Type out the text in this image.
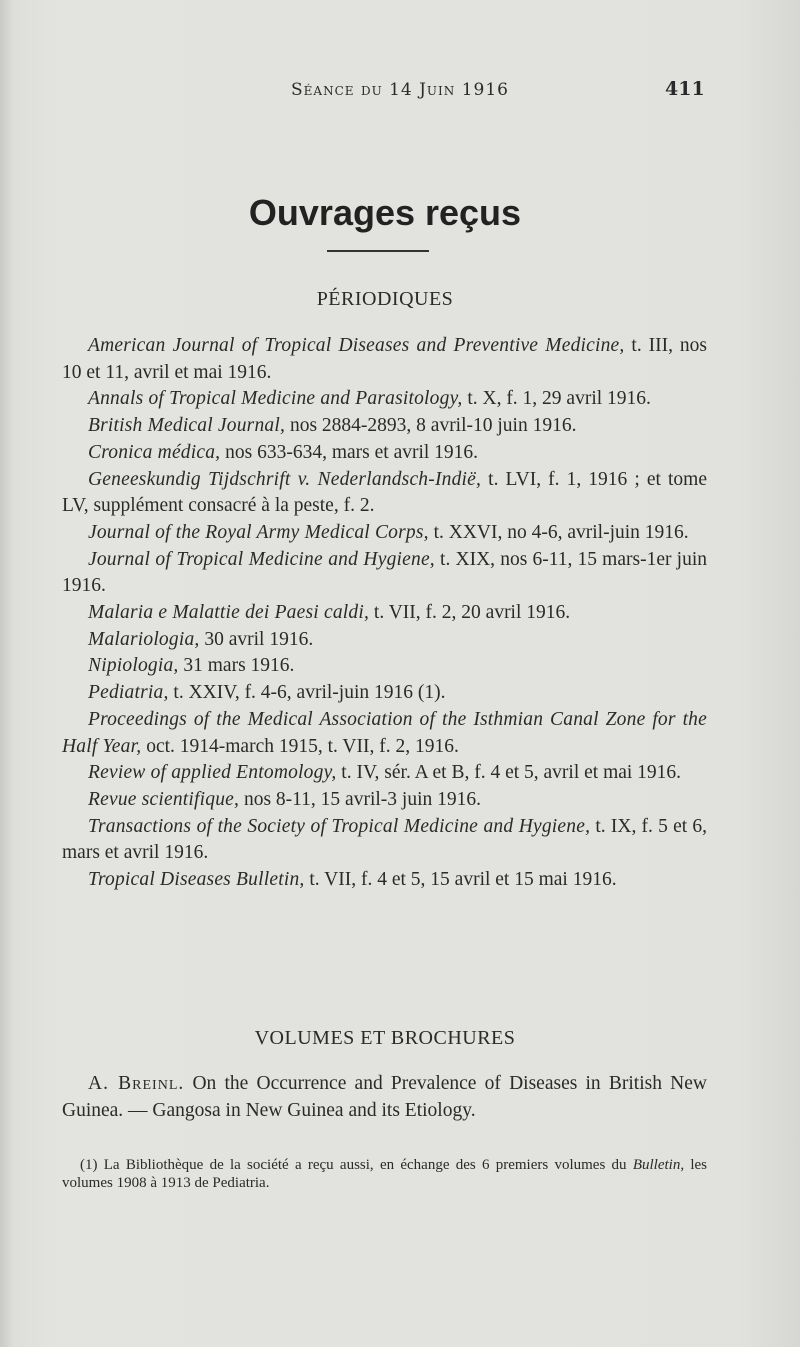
Séance du 14 Juin 1916	411
Ouvrages reçus
PÉRIODIQUES

American Journal of Tropical Diseases and Preventive Medicine, t. III, nos 10 et 11, avril et mai 1916.

Annals of Tropical Medicine and Parasitology, t. X, f. 1, 29 avril 1916.

British Medical Journal, nos 2884-2893, 8 avril-10 juin 1916.

Cronica médica, nos 633-634, mars et avril 1916.

Geneeskundig Tijdschrift v. Nederlandsch-Indië, t. LVI, f. 1, 1916 ; et tome LV, supplément consacré à la peste, f. 2.

Journal of the Royal Army Medical Corps, t. XXVI, no 4-6, avril-juin 1916.

Journal of Tropical Medicine and Hygiene, t. XIX, nos 6-11, 15 mars-1er juin 1916.

Malaria e Malattie dei Paesi caldi, t. VII, f. 2, 20 avril 1916.

Malariologia, 30 avril 1916.

Nipiologia, 31 mars 1916.

Pediatria, t. XXIV, f. 4-6, avril-juin 1916 (1).

Proceedings of the Medical Association of the Isthmian Canal Zone for the Half Year, oct. 1914-march 1915, t. VII, f. 2, 1916.

Review of applied Entomology, t. IV, sér. A et B, f. 4 et 5, avril et mai 1916.

Revue scientifique, nos 8-11, 15 avril-3 juin 1916.

Transactions of the Society of Tropical Medicine and Hygiene, t. IX, f. 5 et 6, mars et avril 1916.

Tropical Diseases Bulletin, t. VII, f. 4 et 5, 15 avril et 15 mai 1916.

VOLUMES ET BROCHURES
A. Breinl. On the Occurrence and Prevalence of Diseases in British New Guinea. — Gangosa in New Guinea and its Etiology.
(1) La Bibliothèque de la société a reçu aussi, en échange des 6 premiers volumes du Bulletin, les volumes 1908 à 1913 de Pediatria.
